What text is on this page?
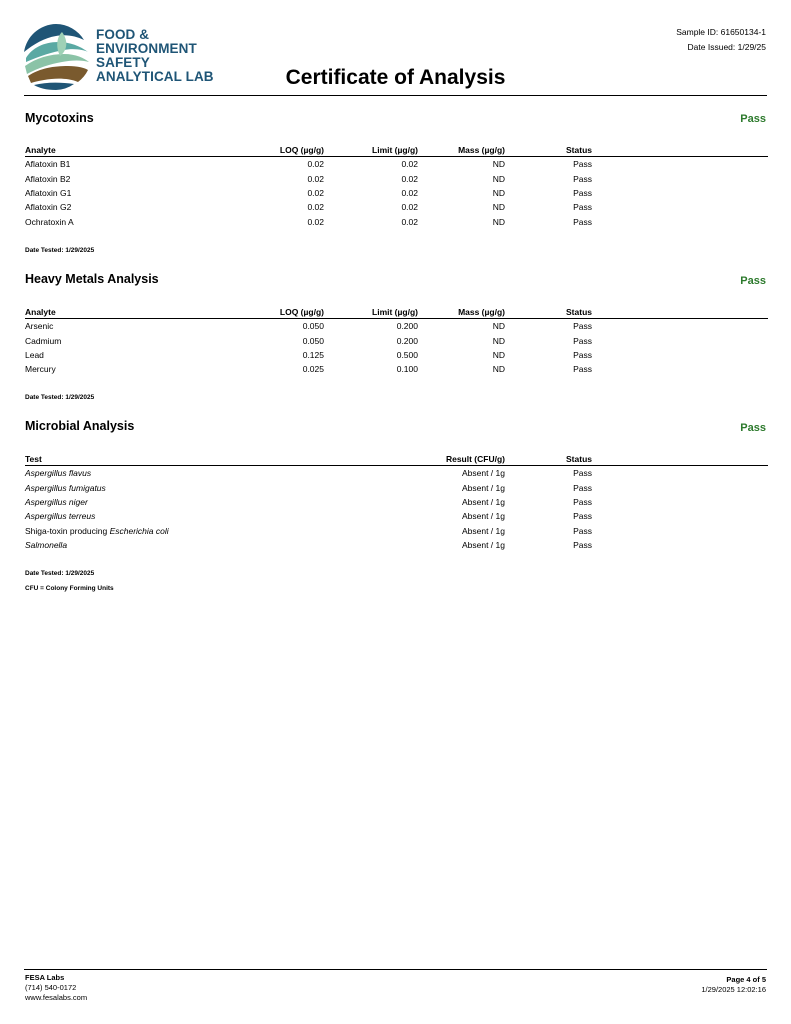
FOOD &
ENVIRONMENT
SAFETY
ANALYTICAL LAB
Sample ID: 61650134-1
Date Issued: 1/29/25
Certificate of Analysis
Mycotoxins	Pass
Analyte	LOQ (µg/g)	Limit (µg/g)	Mass (µg/g)	Status	
Aflatoxin B1	0.02	0.02	ND	Pass	
Aflatoxin B2	0.02	0.02	ND	Pass	
Aflatoxin G1	0.02	0.02	ND	Pass	
Aflatoxin G2	0.02	0.02	ND	Pass	
Ochratoxin A	0.02	0.02	ND	Pass	
Date Tested: 1/29/2025
Heavy Metals Analysis	Pass
Analyte	LOQ (µg/g)	Limit (µg/g)	Mass (µg/g)	Status	
Arsenic	0.050	0.200	ND	Pass	
Cadmium	0.050	0.200	ND	Pass	
Lead	0.125	0.500	ND	Pass	
Mercury	0.025	0.100	ND	Pass	
Date Tested: 1/29/2025
Microbial Analysis	Pass
Test	Result (CFU/g)	Status	
Aspergillus flavus	Absent / 1g	Pass	
Aspergillus fumigatus	Absent / 1g	Pass	
Aspergillus niger	Absent / 1g	Pass	
Aspergillus terreus	Absent / 1g	Pass	
Shiga-toxin producing Escherichia coli	Absent / 1g	Pass	
Salmonella	Absent / 1g	Pass	
Date Tested: 1/29/2025
CFU = Colony Forming Units
FESA Labs
(714) 540-0172
www.fesalabs.com
Page 4 of 5
1/29/2025 12:02:16
